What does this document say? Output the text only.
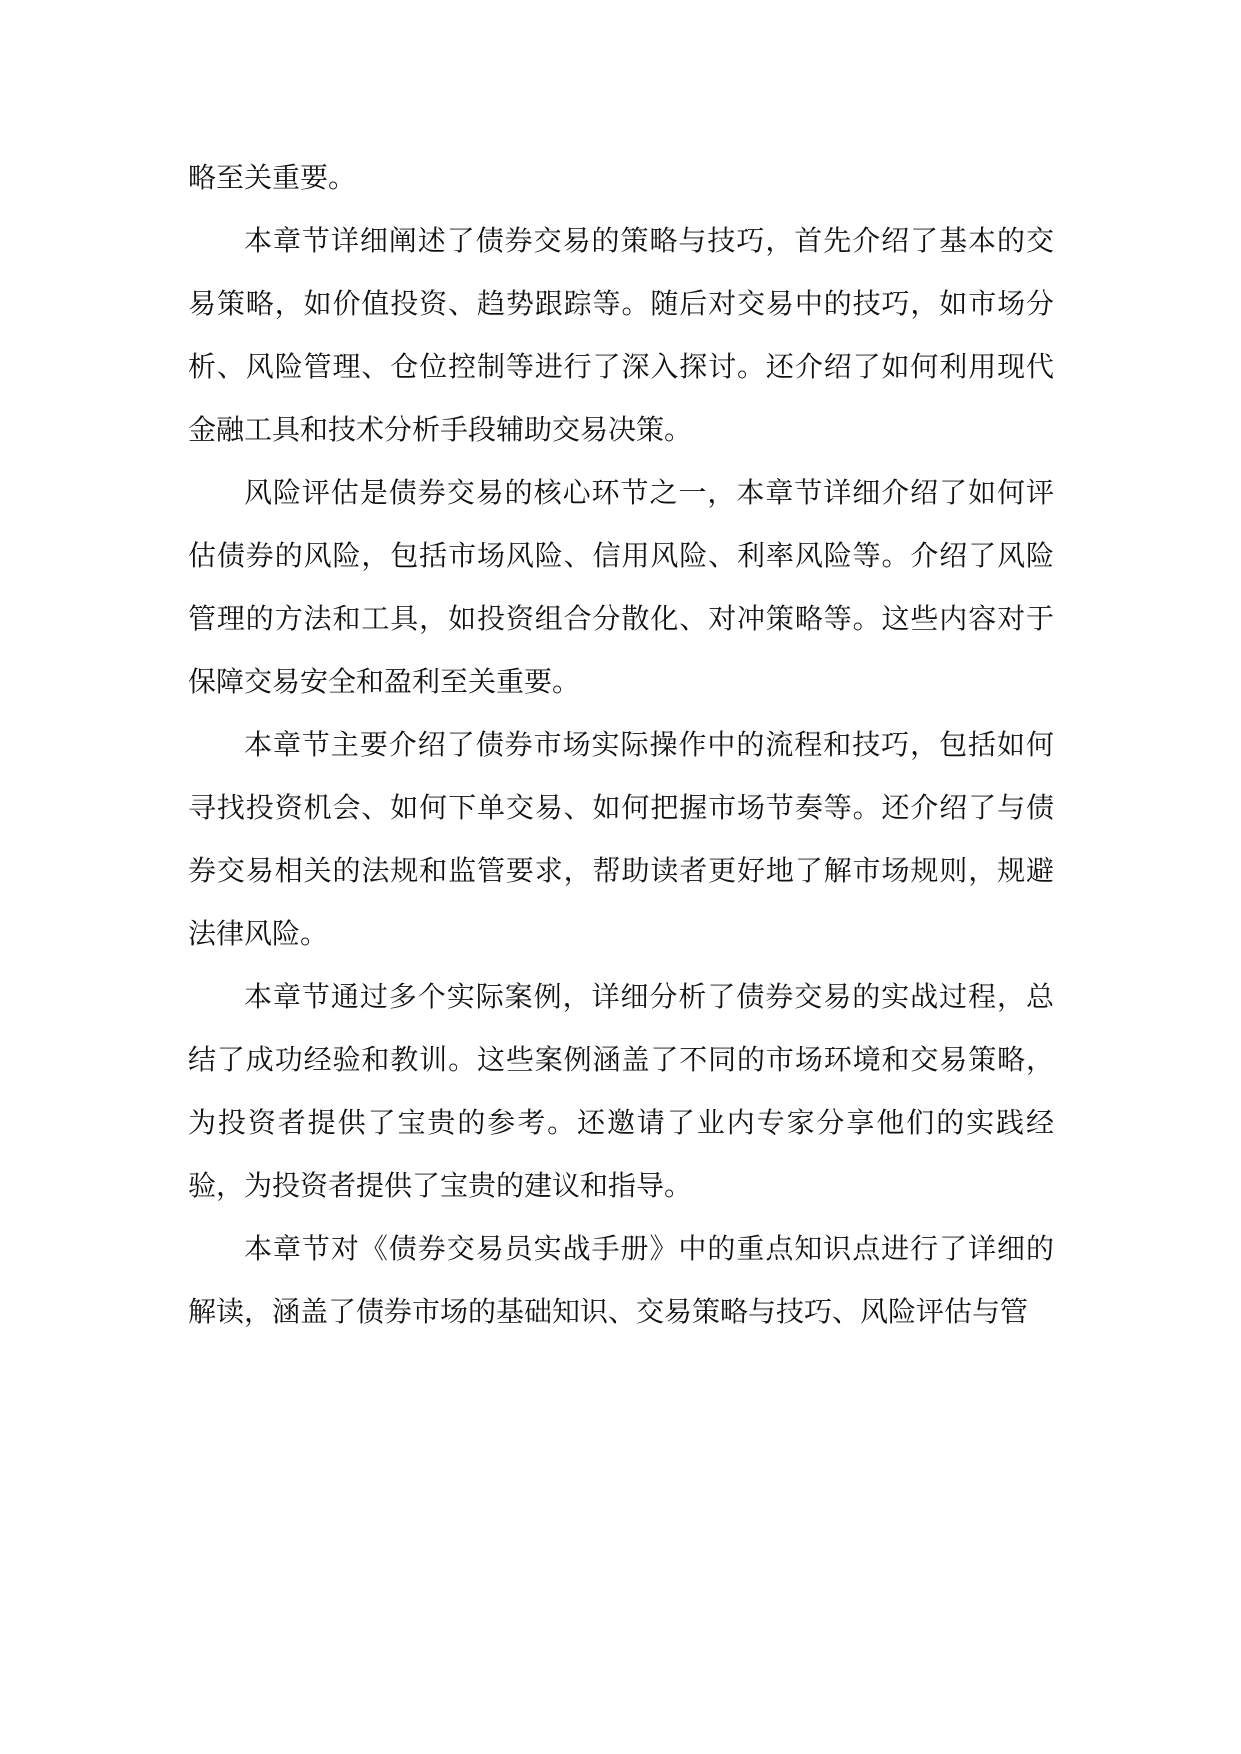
略至关重要。

本章节详细阐述了债券交易的策略与技巧，首先介绍了基本的交易策略，如价值投资、趋势跟踪等。随后对交易中的技巧，如市场分析、风险管理、仓位控制等进行了深入探讨。还介绍了如何利用现代金融工具和技术分析手段辅助交易决策。

风险评估是债券交易的核心环节之一，本章节详细介绍了如何评估债券的风险，包括市场风险、信用风险、利率风险等。介绍了风险管理的方法和工具，如投资组合分散化、对冲策略等。这些内容对于保障交易安全和盈利至关重要。

本章节主要介绍了债券市场实际操作中的流程和技巧，包括如何寻找投资机会、如何下单交易、如何把握市场节奏等。还介绍了与债券交易相关的法规和监管要求，帮助读者更好地了解市场规则，规避法律风险。

本章节通过多个实际案例，详细分析了债券交易的实战过程，总结了成功经验和教训。这些案例涵盖了不同的市场环境和交易策略，为投资者提供了宝贵的参考。还邀请了业内专家分享他们的实践经验，为投资者提供了宝贵的建议和指导。

本章节对《债券交易员实战手册》中的重点知识点进行了详细的解读，涵盖了债券市场的基础知识、交易策略与技巧、风险评估与管
